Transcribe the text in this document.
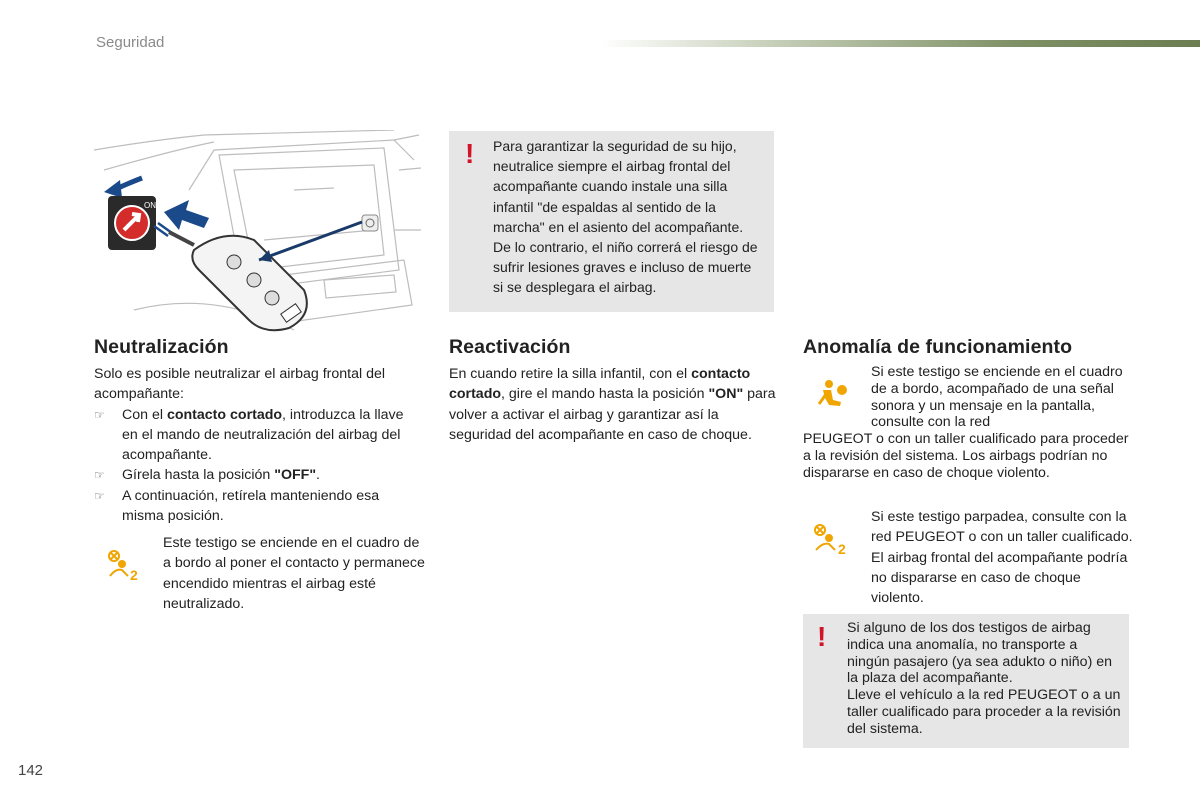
Seguridad
ON
! Para garantizar la seguridad de su hijo, neutralice siempre el airbag frontal del acompañante cuando instale una silla infantil "de espaldas al sentido de la marcha" en el asiento del acompañante. De lo contrario, el niño correrá el riesgo de sufrir lesiones graves e incluso de muerte si se desplegara el airbag.
Neutralización
Solo es posible neutralizar el airbag frontal del acompañante:
☞ Con el contacto cortado, introduzca la llave en el mando de neutralización del airbag del acompañante.
☞ Gírela hasta la posición "OFF".
☞ A continuación, retírela manteniendo esa misma posición.
2
Este testigo se enciende en el cuadro de a bordo al poner el contacto y permanece encendido mientras el airbag esté neutralizado.
Reactivación
En cuando retire la silla infantil, con el contacto cortado, gire el mando hasta la posición "ON" para volver a activar el airbag y garantizar así la seguridad del acompañante en caso de choque.
Anomalía de funcionamiento
Si este testigo se enciende en el cuadro de a bordo, acompañado de una señal sonora y un mensaje en la pantalla, consulte con la red
PEUGEOT o con un taller cualificado para proceder a la revisión del sistema. Los airbags podrían no dispararse en caso de choque violento.
2
Si este testigo parpadea, consulte con la red PEUGEOT o con un taller cualificado. El airbag frontal del acompañante podría no dispararse en caso de choque violento.
! Si alguno de los dos testigos de airbag indica una anomalía, no transporte a ningún pasajero (ya sea adukto o niño) en la plaza del acompañante.
Lleve el vehículo a la red PEUGEOT o a un taller cualificado para proceder a la revisión del sistema.
142
